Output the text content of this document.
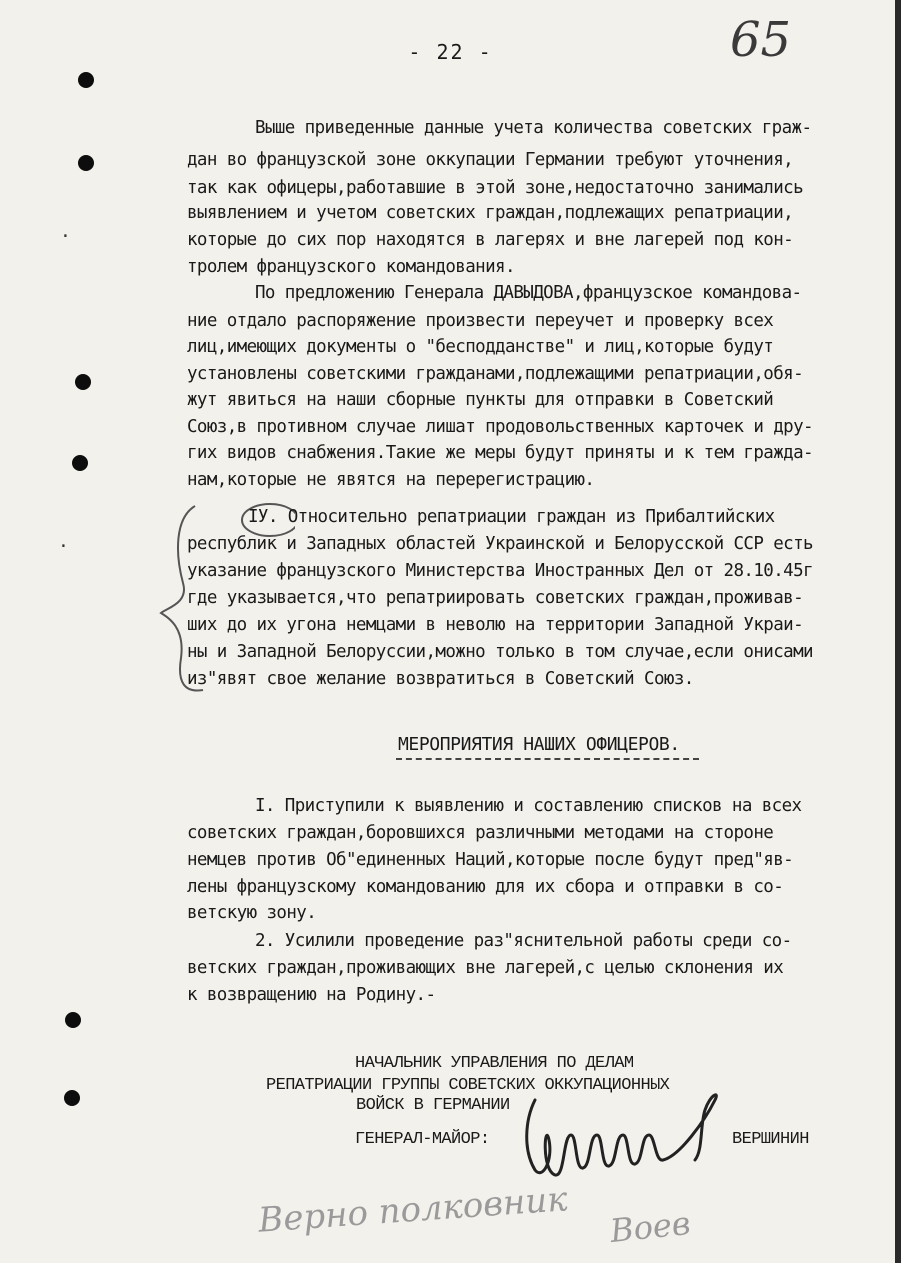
·
·
- 22 -	65
Выше приведенные данные учета количества советских граж-
дан во французской зоне оккупации Германии требуют уточнения,
так как офицеры,работавшие в этой зоне,недостаточно занимались
выявлением и учетом советских граждан,подлежащих репатриации,
которые до сих пор находятся в лагерях и вне лагерей под кон-
тролем французского командования.
По предложению Генерала ДАВЫДОВА,французское командова-
ние отдало распоряжение произвести переучет и проверку всех
лиц,имеющих документы о "бесподданстве" и лиц,которые будут
установлены советскими гражданами,подлежащими репатриации,обя-
жут явиться на наши сборные пункты для отправки в Советский
Союз,в противном случае лишат продовольственных карточек и дру-
гих видов снабжения.Такие же меры будут приняты и к тем гражда-
нам,которые не явятся на перерегистрацию.
IУ. Относительно репатриации граждан из Прибалтийских
республик и Западных областей Украинской и Белорусской ССР есть
указание французского Министерства Иностранных Дел от 28.10.45г
где указывается,что репатриировать советских граждан,проживав-
ших до их угона немцами в неволю на территории Западной Украи-
ны и Западной Белоруссии,можно только в том случае,если онисами
из"явят свое желание возвратиться в Советский Союз.
МЕРОПРИЯТИЯ НАШИХ ОФИЦЕРОВ.
I. Приступили к выявлению и составлению списков на всех
советских граждан,боровшихся различными методами на стороне
немцев против Об"единенных Наций,которые после будут пред"яв-
лены французскому командованию для их сбора и отправки в со-
ветскую зону.
2. Усилили проведение раз"яснительной работы среди со-
ветских граждан,проживающих вне лагерей,с целью склонения их
к возвращению на Родину.-
НАЧАЛЬНИК УПРАВЛЕНИЯ ПО ДЕЛАМ
РЕПАТРИАЦИИ ГРУППЫ СОВЕТСКИХ ОККУПАЦИОННЫХ
ВОЙСК В ГЕРМАНИИ
ГЕНЕРАЛ-МАЙОР:	ВЕРШИНИН
Верно полковник Воев
